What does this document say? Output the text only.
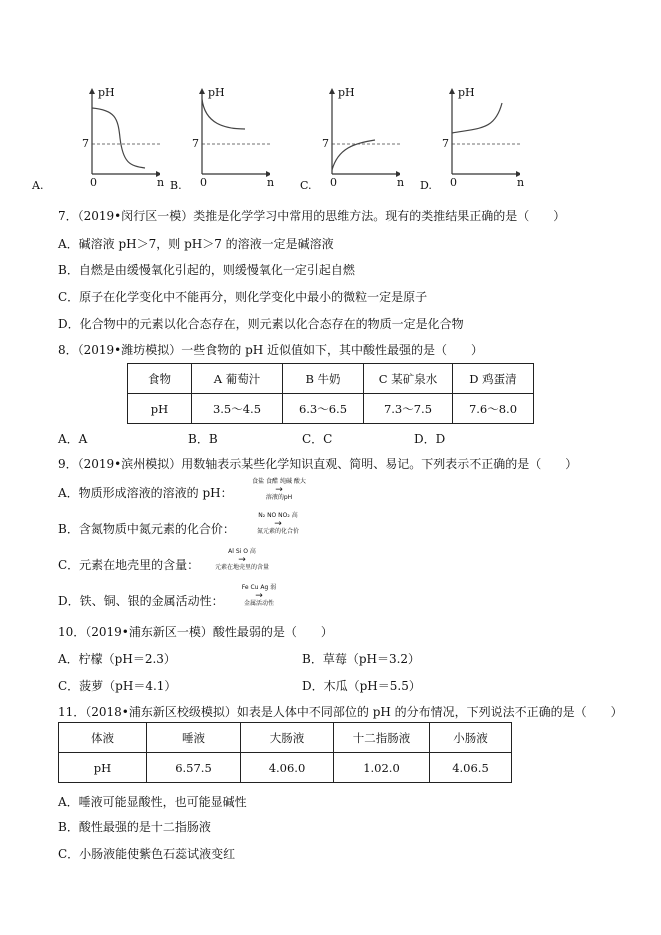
pH
7
0	n
A.
pH
7
0	n
B.
pH
7
0	n
C.
pH
7
0	n
D.
7．（2019•闵行区一模）类推是化学学习中常用的思维方法。现有的类推结果正确的是（　　）
A．碱溶液 pH＞7，则 pH＞7 的溶液一定是碱溶液
B．自燃是由缓慢氧化引起的，则缓慢氧化一定引起自燃
C．原子在化学变化中不能再分，则化学变化中最小的微粒一定是原子
D．化合物中的元素以化合态存在，则元素以化合态存在的物质一定是化合物
8．（2019•潍坊模拟）一些食物的 pH 近似值如下，其中酸性最强的是（　　）
食物	A 葡萄汁	B 牛奶	C 某矿泉水	D 鸡蛋清
pH	3.5～4.5	6.3～6.5	7.3～7.5	7.6～8.0
A．A	B．B	C．C	D．D
9．（2019•滨州模拟）用数轴表示某些化学知识直观、简明、易记。下列表示不正确的是（　　）
A．物质形成溶液的溶液的 pH：
食盐 食醋 纯碱 酸大
→
溶液的pH
B．含氮物质中氮元素的化合价：
N₂ NO NO₂ 高
→
氮元素的化合价
C．元素在地壳里的含量：
Al Si O 高
→
元素在地壳里的含量
D．铁、铜、银的金属活动性：
Fe Cu Ag 弱
→
金属活动性
10．（2019•浦东新区一模）酸性最弱的是（　　）
A．柠檬（pH＝2.3）	B．草莓（pH＝3.2）
C．菠萝（pH＝4.1）	D．木瓜（pH＝5.5）
11．（2018•浦东新区校级模拟）如表是人体中不同部位的 pH 的分布情况，下列说法不正确的是（　　）
体液	唾液	大肠液	十二指肠液	小肠液
pH	6.57.5	4.06.0	1.02.0	4.06.5
A．唾液可能显酸性，也可能显碱性
B．酸性最强的是十二指肠液
C．小肠液能使紫色石蕊试液变红
